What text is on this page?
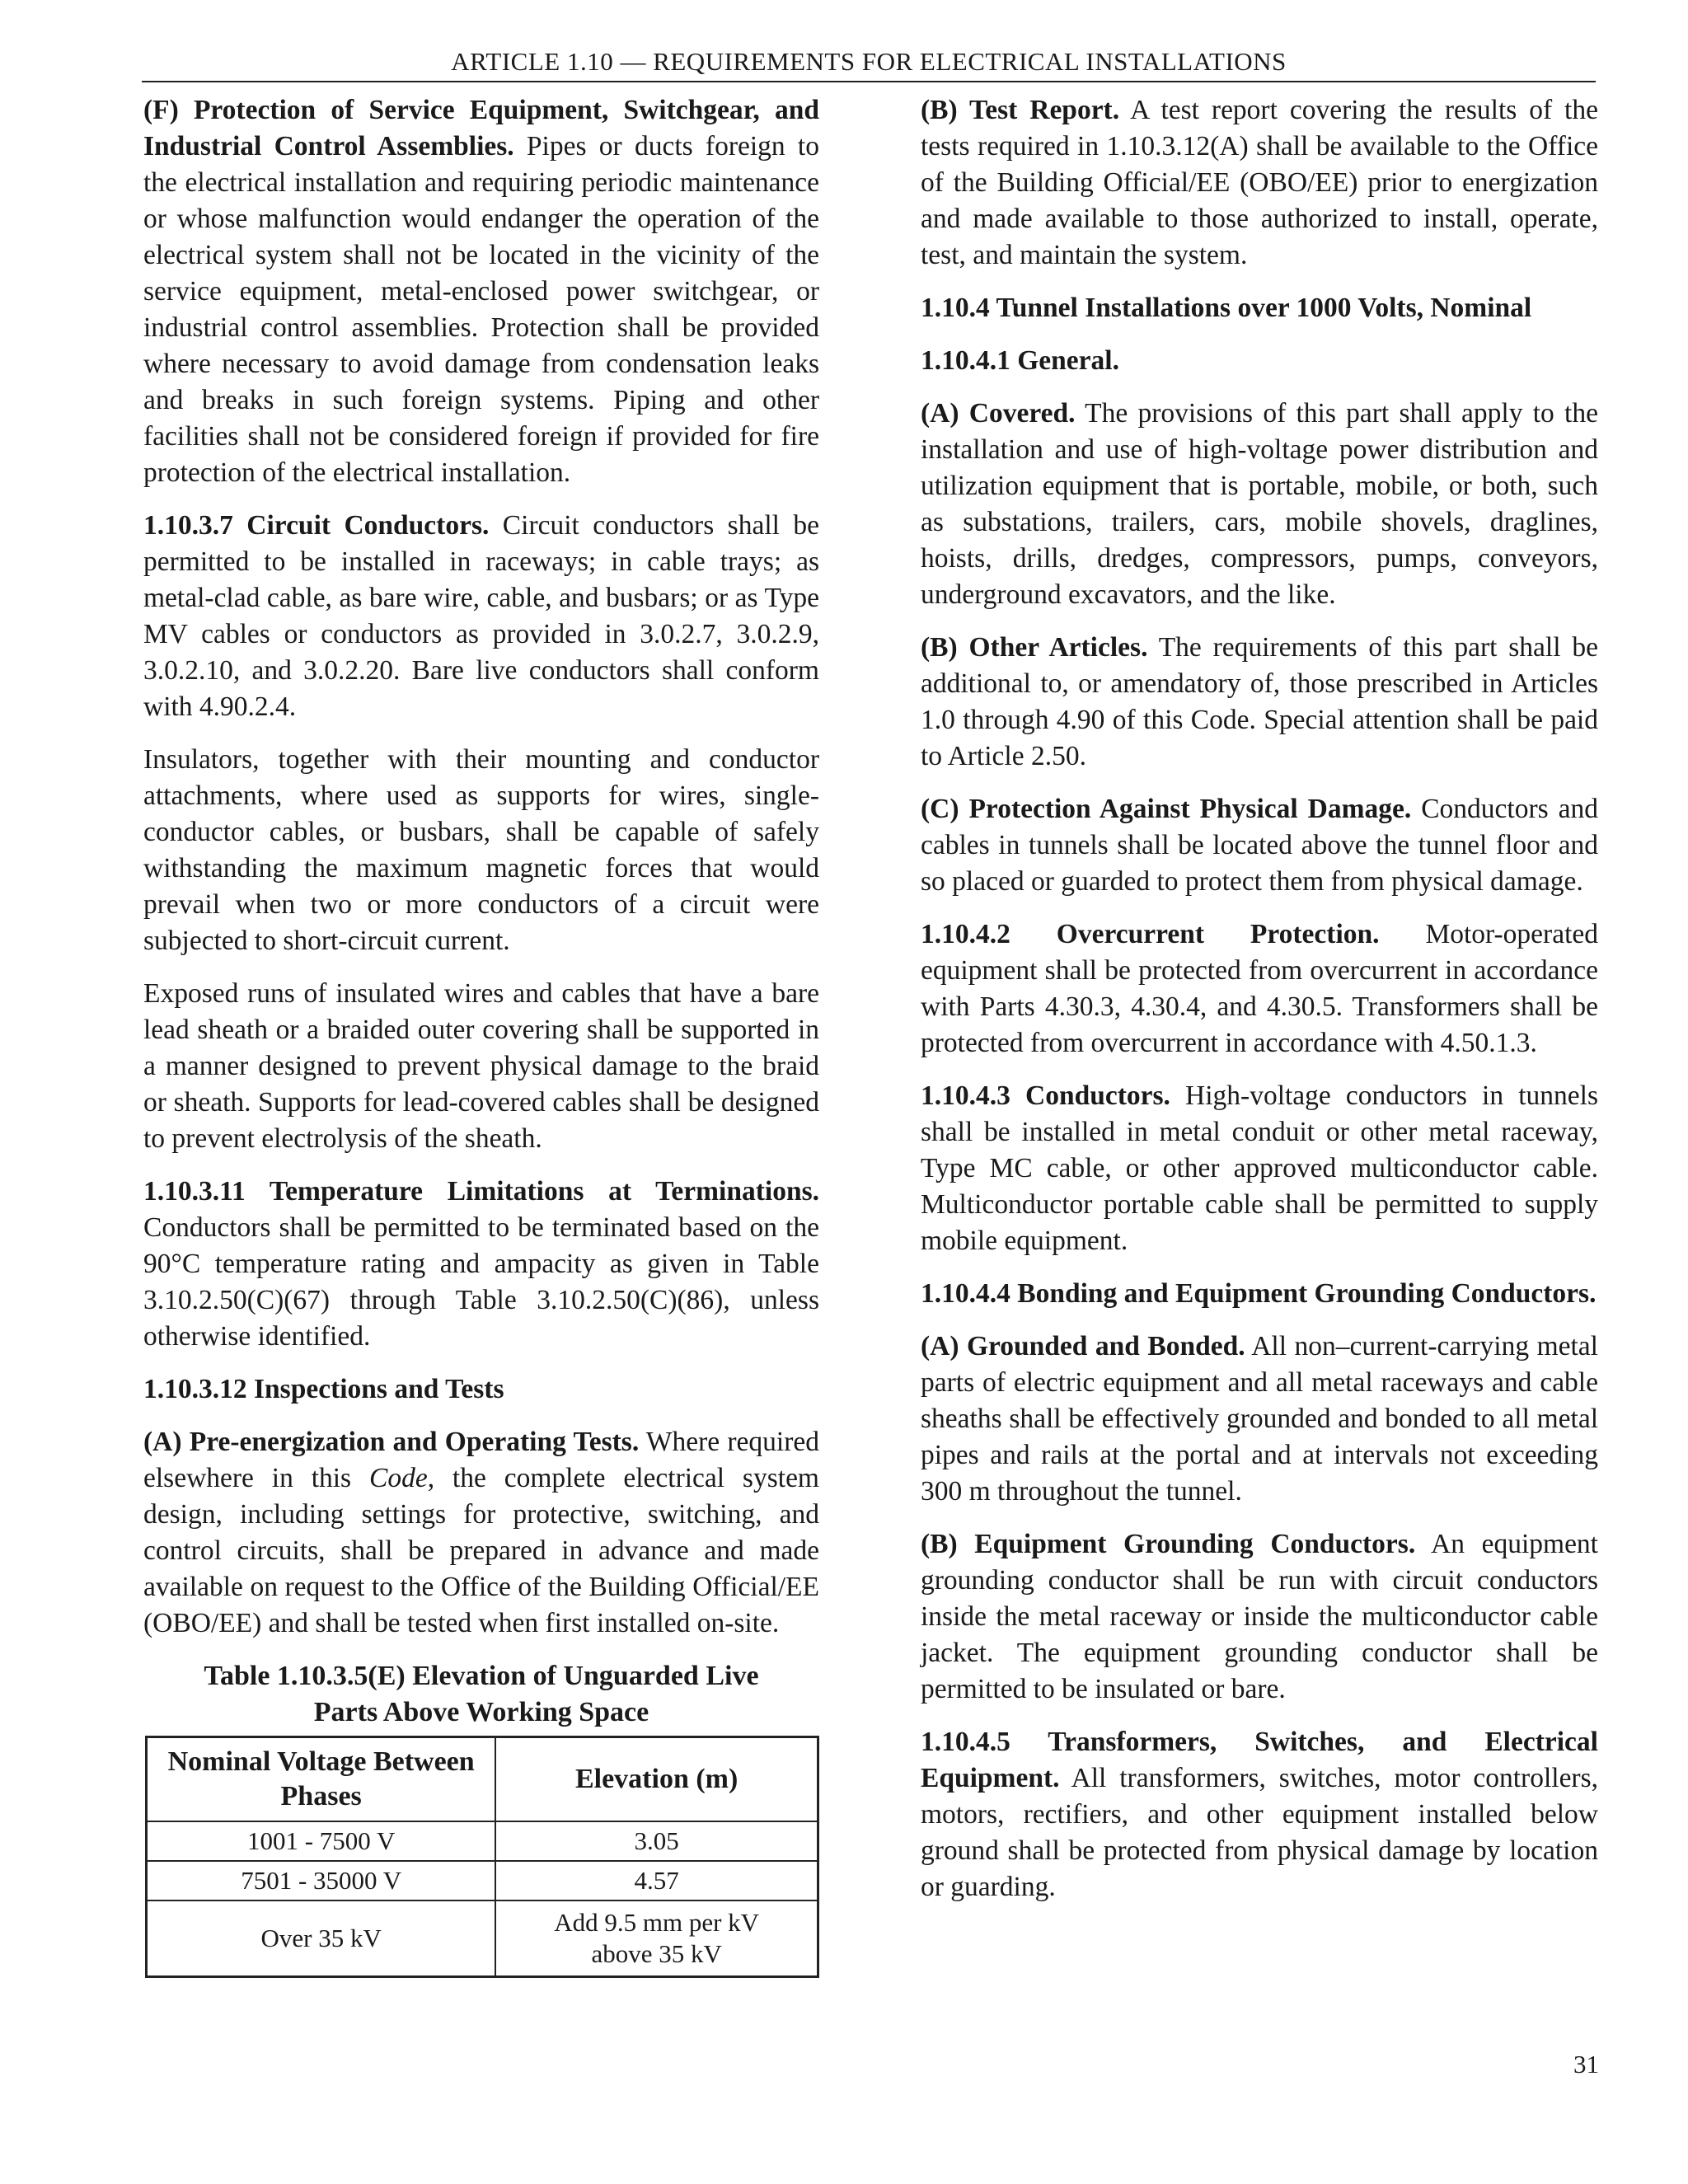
ARTICLE 1.10 — REQUIREMENTS FOR ELECTRICAL INSTALLATIONS

(F) Protection of Service Equipment, Switchgear, and Industrial Control Assemblies. Pipes or ducts foreign to the electrical installation and requiring periodic maintenance or whose malfunction would endanger the operation of the electrical system shall not be located in the vicinity of the service equipment, metal-enclosed power switchgear, or industrial control assemblies. Protection shall be provided where necessary to avoid damage from condensation leaks and breaks in such foreign systems. Piping and other facilities shall not be considered foreign if provided for fire protection of the electrical installation.

1.10.3.7 Circuit Conductors. Circuit conductors shall be permitted to be installed in raceways; in cable trays; as metal-clad cable, as bare wire, cable, and busbars; or as Type MV cables or conductors as provided in 3.0.2.7, 3.0.2.9, 3.0.2.10, and 3.0.2.20. Bare live conductors shall conform with 4.90.2.4.

Insulators, together with their mounting and conductor attachments, where used as supports for wires, single-conductor cables, or busbars, shall be capable of safely withstanding the maximum magnetic forces that would prevail when two or more conductors of a circuit were subjected to short-circuit current.

Exposed runs of insulated wires and cables that have a bare lead sheath or a braided outer covering shall be supported in a manner designed to prevent physical damage to the braid or sheath. Supports for lead-covered cables shall be designed to prevent electrolysis of the sheath.

1.10.3.11 Temperature Limitations at Terminations. Conductors shall be permitted to be terminated based on the 90°C temperature rating and ampacity as given in Table 3.10.2.50(C)(67) through Table 3.10.2.50(C)(86), unless otherwise identified.

1.10.3.12 Inspections and Tests

(A) Pre-energization and Operating Tests. Where required elsewhere in this Code, the complete electrical system design, including settings for protective, switching, and control circuits, shall be prepared in advance and made available on request to the Office of the Building Official/EE (OBO/EE) and shall be tested when first installed on-site.

Table 1.10.3.5(E) Elevation of Unguarded Live
Parts Above Working Space
Nominal Voltage Between Phases	Elevation (m)
1001 - 7500 V	3.05
7501 - 35000 V	4.57
Over 35 kV	Add 9.5 mm per kV above 35 kV

(B) Test Report. A test report covering the results of the tests required in 1.10.3.12(A) shall be available to the Office of the Building Official/EE (OBO/EE) prior to energization and made available to those authorized to install, operate, test, and maintain the system.

1.10.4 Tunnel Installations over 1000 Volts, Nominal

1.10.4.1 General.

(A) Covered. The provisions of this part shall apply to the installation and use of high-voltage power distribution and utilization equipment that is portable, mobile, or both, such as substations, trailers, cars, mobile shovels, draglines, hoists, drills, dredges, compressors, pumps, conveyors, underground excavators, and the like.

(B) Other Articles. The requirements of this part shall be additional to, or amendatory of, those prescribed in Articles 1.0 through 4.90 of this Code. Special attention shall be paid to Article 2.50.

(C) Protection Against Physical Damage. Conductors and cables in tunnels shall be located above the tunnel floor and so placed or guarded to protect them from physical damage.

1.10.4.2 Overcurrent Protection. Motor-operated equipment shall be protected from overcurrent in accordance with Parts 4.30.3, 4.30.4, and 4.30.5. Transformers shall be protected from overcurrent in accordance with 4.50.1.3.

1.10.4.3 Conductors. High-voltage conductors in tunnels shall be installed in metal conduit or other metal raceway, Type MC cable, or other approved multiconductor cable. Multiconductor portable cable shall be permitted to supply mobile equipment.

1.10.4.4 Bonding and Equipment Grounding Conductors.

(A) Grounded and Bonded. All non–current-carrying metal parts of electric equipment and all metal raceways and cable sheaths shall be effectively grounded and bonded to all metal pipes and rails at the portal and at intervals not exceeding 300 m throughout the tunnel.

(B) Equipment Grounding Conductors. An equipment grounding conductor shall be run with circuit conductors inside the metal raceway or inside the multiconductor cable jacket. The equipment grounding conductor shall be permitted to be insulated or bare.

1.10.4.5 Transformers, Switches, and Electrical Equipment. All transformers, switches, motor controllers, motors, rectifiers, and other equipment installed below ground shall be protected from physical damage by location or guarding.

31
